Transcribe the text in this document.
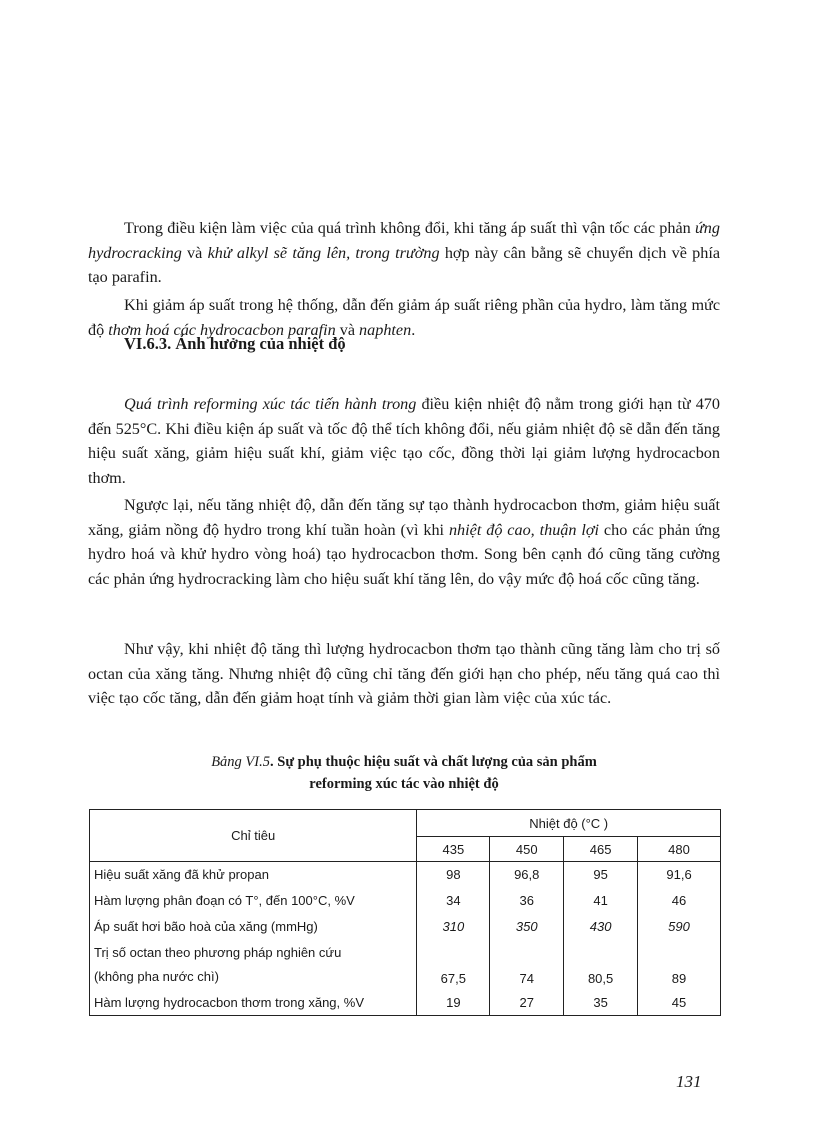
Trong điều kiện làm việc của quá trình không đổi, khi tăng áp suất thì vận tốc các phản ứng hydrocracking và khử alkyl sẽ tăng lên, trong trường hợp này cân bằng sẽ chuyển dịch về phía tạo parafin.

Khi giảm áp suất trong hệ thống, dẫn đến giảm áp suất riêng phần của hydro, làm tăng mức độ thơm hoá các hydrocacbon parafin và naphten.

VI.6.3. Ảnh hưởng của nhiệt độ

Quá trình reforming xúc tác tiến hành trong điều kiện nhiệt độ nằm trong giới hạn từ 470 đến 525°C. Khi điều kiện áp suất và tốc độ thể tích không đổi, nếu giảm nhiệt độ sẽ dẫn đến tăng hiệu suất xăng, giảm hiệu suất khí, giảm việc tạo cốc, đồng thời lại giảm lượng hydrocacbon thơm.

Ngược lại, nếu tăng nhiệt độ, dẫn đến tăng sự tạo thành hydrocacbon thơm, giảm hiệu suất xăng, giảm nồng độ hydro trong khí tuần hoàn (vì khi nhiệt độ cao, thuận lợi cho các phản ứng hydro hoá và khử hydro vòng hoá) tạo hydrocacbon thơm. Song bên cạnh đó cũng tăng cường các phản ứng hydrocracking làm cho hiệu suất khí tăng lên, do vậy mức độ hoá cốc cũng tăng.

Như vậy, khi nhiệt độ tăng thì lượng hydrocacbon thơm tạo thành cũng tăng làm cho trị số octan của xăng tăng. Nhưng nhiệt độ cũng chỉ tăng đến giới hạn cho phép, nếu tăng quá cao thì việc tạo cốc tăng, dẫn đến giảm hoạt tính và giảm thời gian làm việc của xúc tác.

Bảng VI.5. Sự phụ thuộc hiệu suất và chất lượng của sản phẩm
reforming xúc tác vào nhiệt độ

Chỉ tiêu	Nhiệt độ (°C )			
	435	450	465	480
Hiệu suất xăng đã khử propan	98	96,8	95	91,6
Hàm lượng phân đoạn có T°, đến 100°C, %V	34	36	41	46
Áp suất hơi bão hoà của xăng (mmHg)	310	350	430	590
Trị số octan theo phương pháp nghiên cứu
(không pha nước chì)	67,5	74	80,5	89
Hàm lượng hydrocacbon thơm trong xăng, %V	19	27	35	45

131
